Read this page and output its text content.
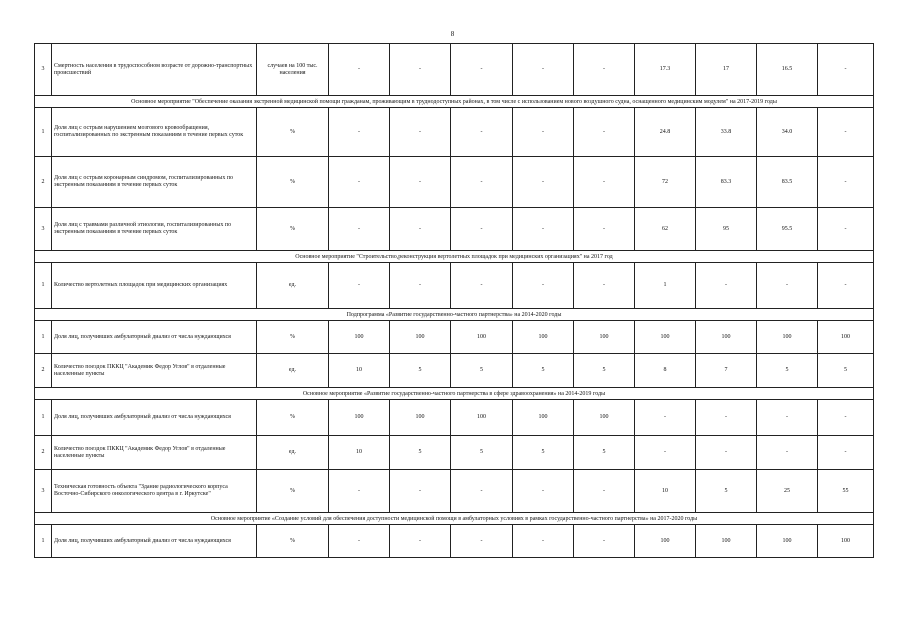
8
3	Смертность населения в трудоспособном возрасте от дорожно-транспортных происшествий	случаев на 100 тыс. населения	-	-	-	-	-	17.3	17	16.5	-
Основное мероприятие "Обеспечение оказания экстренной медицинской помощи гражданам, проживающим в труднодоступных районах, в том числе с использованием нового воздушного судна, оснащенного медицинским модулем" на 2017-2019 годы											
1	Доля лиц с острым нарушением мозгового кровообращения, госпитализированных по экстренным показаниям в течение первых суток	%	-	-	-	-	-	24.8	33.8	34.0	-
2	Доля лиц с острым коронарным синдромом, госпитализированных по экстренным показаниям в течение первых суток	%	-	-	-	-	-	72	83.3	83.5	-
3	Доля лиц с травмами различной этиологии, госпитализированных по экстренным показаниям в течение первых суток	%	-	-	-	-	-	62	95	95.5	-
Основное мероприятие "Строительство,реконструкция вертолетных площадок при медицинских организациях" на 2017 год											
1	Количество вертолетных площадок при медицинских организациях	ед.	-	-	-	-	-	1	-	-	-
Подпрограмма «Развитие государственно-частного партнерства» на 2014-2020 годы											
1	Доля лиц, получивших амбулаторный диализ от числа нуждающихся	%	100	100	100	100	100	100	100	100	100
2	Количество поездок ПККЦ "Академик Федор Углов" в отдаленные населенные пункты	ед.	10	5	5	5	5	8	7	5	5
Основное мероприятие «Развитие государственно-частного партнерства в сфере здравоохранения» на 2014-2019 годы											
1	Доля лиц, получивших амбулаторный диализ от числа нуждающихся	%	100	100	100	100	100	-	-	-	-
2	Количество поездок ПККЦ "Академик Федор Углов" в отдаленные населенные пункты	ед.	10	5	5	5	5	-	-	-	-
3	Техническая готовность объекта "Здание радиологического корпуса Восточно-Сибирского онкологического центра в г. Иркутске"	%	-	-	-	-	-	10	5	25	55
Основное мероприятие «Создание условий для обеспечения доступности медицинской помощи в амбулаторных условиях в рамках государственно-частного партнерства» на 2017-2020 годы											
1	Доля лиц, получивших амбулаторный диализ от числа нуждающихся	%	-	-	-	-	-	100	100	100	100
